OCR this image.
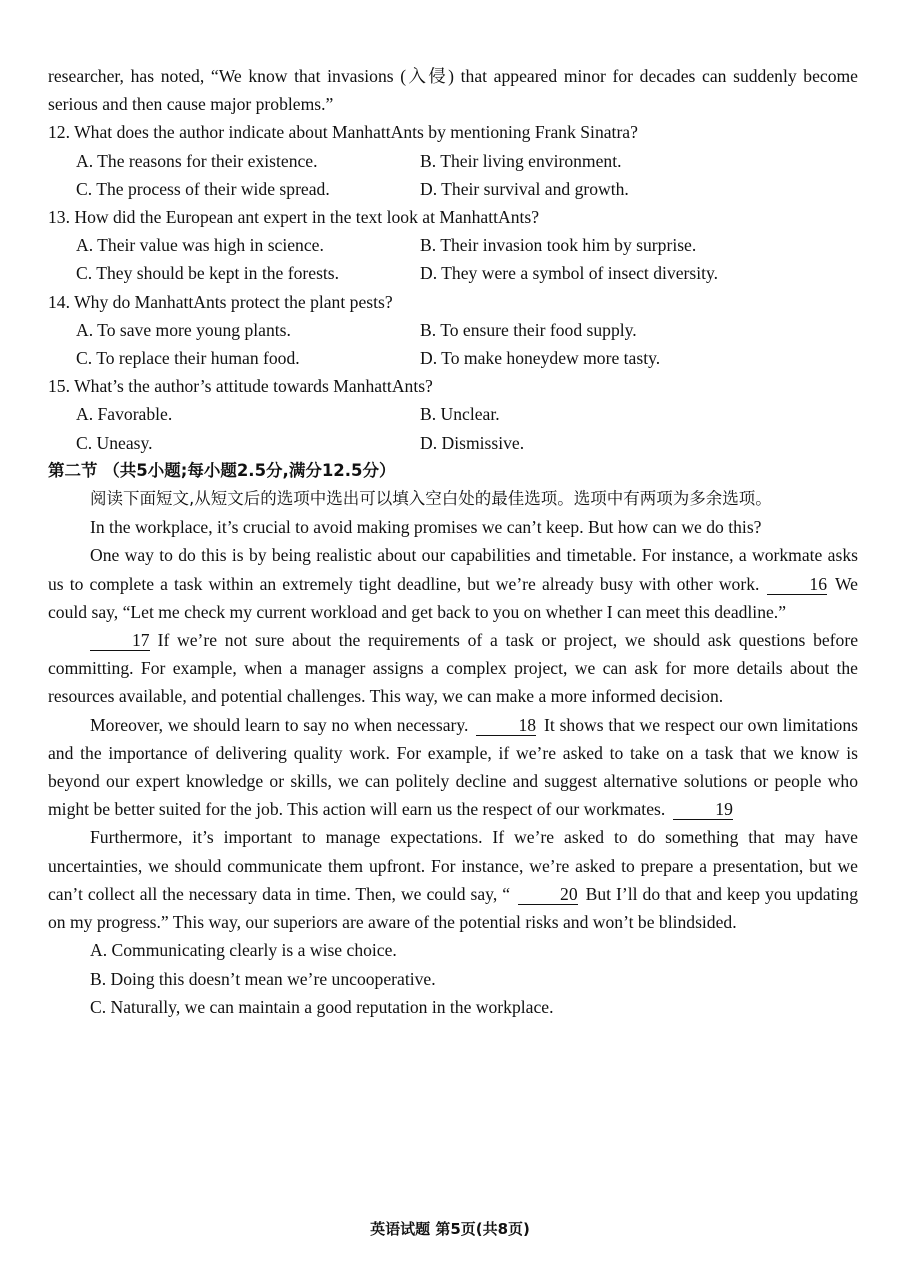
researcher, has noted, “We know that invasions (入侵) that appeared minor for decades can suddenly become serious and then cause major problems.”

12. What does the author indicate about ManhattAnts by mentioning Frank Sinatra?

A. The reasons for their existence.	B. Their living environment.
C. The process of their wide spread.	D. Their survival and growth.

13. How did the European ant expert in the text look at ManhattAnts?

A. Their value was high in science.	B. Their invasion took him by surprise.
C. They should be kept in the forests.	D. They were a symbol of insect diversity.

14. Why do ManhattAnts protect the plant pests?

A. To save more young plants.	B. To ensure their food supply.
C. To replace their human food.	D. To make honeydew more tasty.

15. What’s the author’s attitude towards ManhattAnts?

A. Favorable.	B. Unclear.
C. Uneasy.	D. Dismissive.

第二节 （共5小题;每小题2.5分,满分12.5分）

阅读下面短文,从短文后的选项中选出可以填入空白处的最佳选项。选项中有两项为多余选项。

In the workplace, it’s crucial to avoid making promises we can’t keep. But how can we do this?

One way to do this is by being realistic about our capabilities and timetable. For instance, a workmate asks us to complete a task within an extremely tight deadline, but we’re already busy with other work.	16 We could say, “Let me check my current workload and get back to you on whether I can meet this deadline.”

17 If we’re not sure about the requirements of a task or project, we should ask questions before committing. For example, when a manager assigns a complex project, we can ask for more details about the resources available, and potential challenges. This way, we can make a more informed decision.

Moreover, we should learn to say no when necessary.	18 It shows that we respect our own limitations and the importance of delivering quality work. For example, if we’re asked to take on a task that we know is beyond our expert knowledge or skills, we can politely decline and suggest alternative solutions or people who might be better suited for the job. This action will earn us the respect of our workmates.	19

Furthermore, it’s important to manage expectations. If we’re asked to do something that may have uncertainties, we should communicate them upfront. For instance, we’re asked to prepare a presentation, but we can’t collect all the necessary data in time. Then, we could say, “	20 But I’ll do that and keep you updating on my progress.” This way, our superiors are aware of the potential risks and won’t be blindsided.

A. Communicating clearly is a wise choice.

B. Doing this doesn’t mean we’re uncooperative.

C. Naturally, we can maintain a good reputation in the workplace.

英语试题 第5页(共8页)
